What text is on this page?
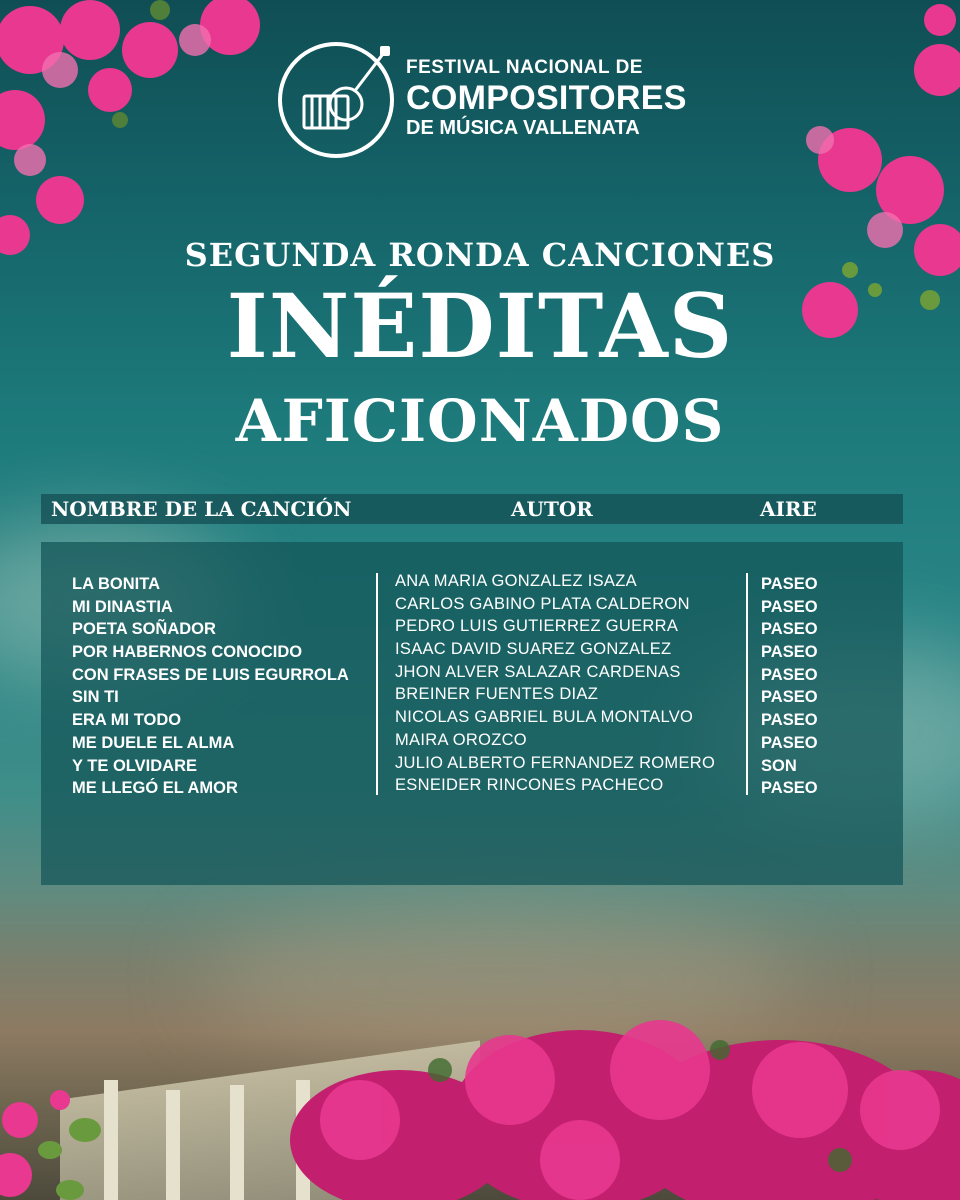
FESTIVAL NACIONAL DE
COMPOSITORES
DE MÚSICA VALLENATA
SEGUNDA RONDA CANCIONES
INÉDITAS
AFICIONADOS
NOMBRE DE LA CANCIÓN	AUTOR	AIRE
LA BONITA
MI DINASTIA
POETA SOÑADOR
POR HABERNOS CONOCIDO
CON FRASES DE LUIS EGURROLA
SIN TI
ERA MI TODO
ME DUELE EL ALMA
Y TE OLVIDARE
ME LLEGÓ EL AMOR
ANA MARIA GONZALEZ ISAZA
CARLOS GABINO PLATA CALDERON
PEDRO LUIS GUTIERREZ GUERRA
ISAAC DAVID SUAREZ GONZALEZ
JHON ALVER SALAZAR CARDENAS
BREINER FUENTES DIAZ
NICOLAS GABRIEL BULA MONTALVO
MAIRA OROZCO
JULIO ALBERTO FERNANDEZ ROMERO
ESNEIDER RINCONES PACHECO
PASEO
PASEO
PASEO
PASEO
PASEO
PASEO
PASEO
PASEO
SON
PASEO
